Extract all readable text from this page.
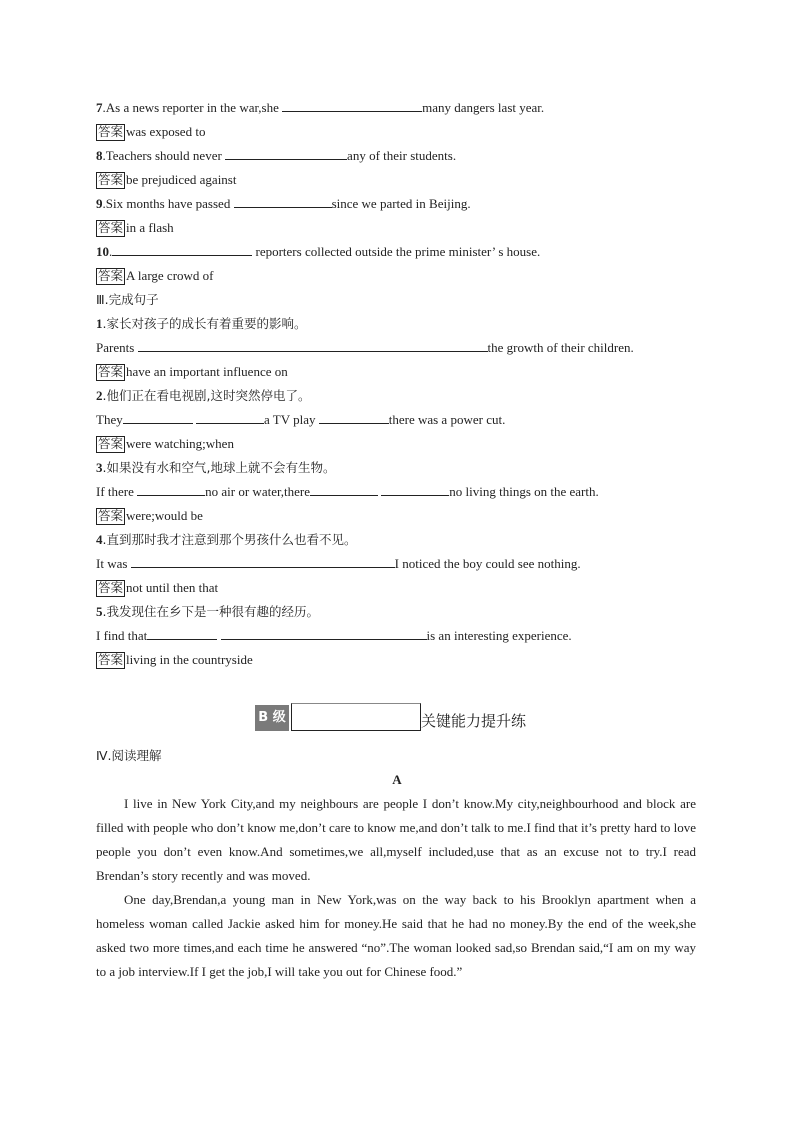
7.As a news reporter in the war,she	many dangers last year.
答案 was exposed to
8.Teachers should never	any of their students.
答案 be prejudiced against
9.Six months have passed	since we parted in Beijing.
答案 in a flash
10.	reporters collected outside the prime minister’ s house.
答案 A large crowd of
Ⅲ.完成句子
1.家长对孩子的成长有着重要的影响。
Parents	the growth of their children.
答案 have an important influence on
2.他们正在看电视剧,这时突然停电了。
They	a TV play	there was a power cut.
答案 were watching;when
3.如果没有水和空气,地球上就不会有生物。
If there	no air or water,there	no living things on the earth.
答案 were;would be
4.直到那时我才注意到那个男孩什么也看不见。
It was	I noticed the boy could see nothing.
答案 not until then that
5.我发现住在乡下是一种很有趣的经历。
I find that	is an interesting experience.
答案 living in the countryside
B 级	关键能力提升练
Ⅳ.阅读理解
A
I live in New York City,and my neighbours are people I don’t know.My city,neighbourhood and block are filled with people who don’t know me,don’t care to know me,and don’t talk to me.I find that it’s pretty hard to love people you don’t even know.And sometimes,we all,myself included,use that as an excuse not to try.I read Brendan’s story recently and was moved.
One day,Brendan,a young man in New York,was on the way back to his Brooklyn apartment when a homeless woman called Jackie asked him for money.He said that he had no money.By the end of the week,she asked two more times,and each time he answered “no”.The woman looked sad,so Brendan said,“I am on my way to a job interview.If I get the job,I will take you out for Chinese food.”
